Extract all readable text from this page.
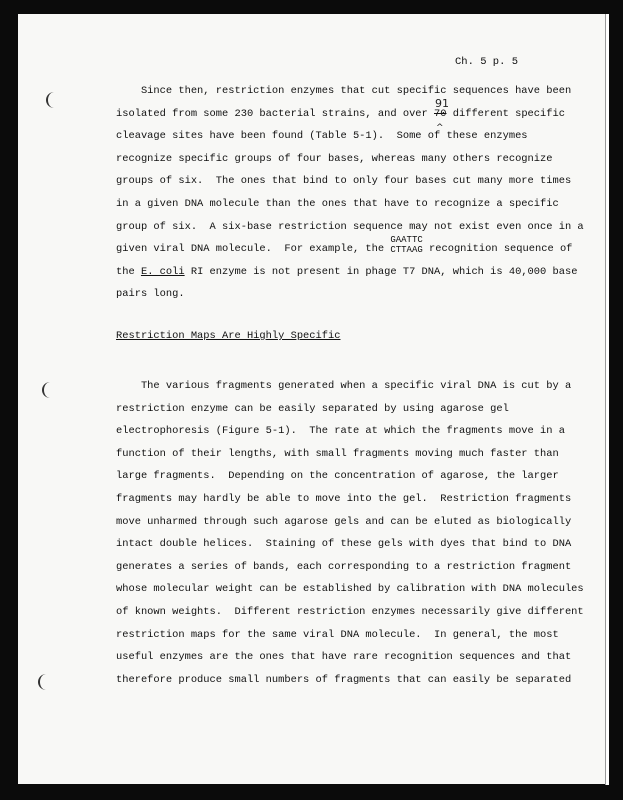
Ch. 5 p. 5
Since then, restriction enzymes that cut specific sequences have been
isolated from some 230 bacterial strains, and over 70
91
^
different specific
cleavage sites have been found (Table 5-1).  Some of these enzymes
recognize specific groups of four bases, whereas many others recognize
groups of six.  The ones that bind to only four bases cut many more times
in a given DNA molecule than the ones that have to recognize a specific
group of six.  A six-base restriction sequence may not exist even once in a
given viral DNA molecule.  For example, the
GAATTC
CTTAAG recognition sequence of
the E. coli RI enzyme is not present in phage T7 DNA, which is 40,000 base
pairs long.
Restriction Maps Are Highly Specific
The various fragments generated when a specific viral DNA is cut by a
restriction enzyme can be easily separated by using agarose gel
electrophoresis (Figure 5-1).  The rate at which the fragments move in a
function of their lengths, with small fragments moving much faster than
large fragments.  Depending on the concentration of agarose, the larger
fragments may hardly be able to move into the gel.  Restriction fragments
move unharmed through such agarose gels and can be eluted as biologically
intact double helices.  Staining of these gels with dyes that bind to DNA
generates a series of bands, each corresponding to a restriction fragment
whose molecular weight can be established by calibration with DNA molecules
of known weights.  Different restriction enzymes necessarily give different
restriction maps for the same viral DNA molecule.  In general, the most
useful enzymes are the ones that have rare recognition sequences and that
therefore produce small numbers of fragments that can easily be separated
